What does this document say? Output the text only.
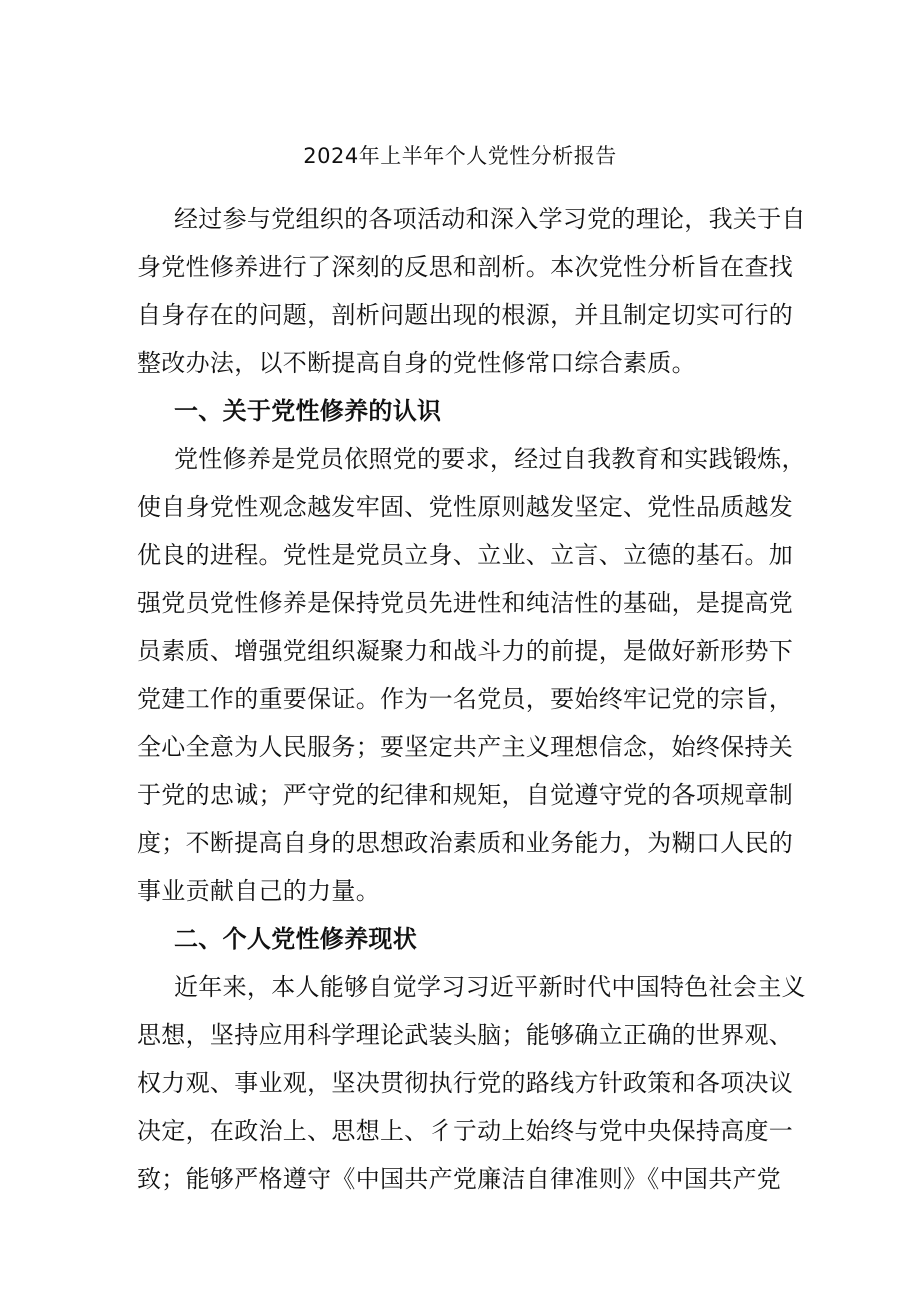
2024年上半年个人党性分析报告
经过参与党组织的各项活动和深入学习党的理论，我关于自
身党性修养进行了深刻的反思和剖析。本次党性分析旨在查找
自身存在的问题，剖析问题出现的根源，并且制定切实可行的
整改办法，以不断提高自身的党性修常口综合素质。
一、关于党性修养的认识
党性修养是党员依照党的要求，经过自我教育和实践锻炼，
使自身党性观念越发牢固、党性原则越发坚定、党性品质越发
优良的进程。党性是党员立身、立业、立言、立德的基石。加
强党员党性修养是保持党员先进性和纯洁性的基础，是提高党
员素质、增强党组织凝聚力和战斗力的前提，是做好新形势下
党建工作的重要保证。作为一名党员，要始终牢记党的宗旨，
全心全意为人民服务；要坚定共产主义理想信念，始终保持关
于党的忠诚；严守党的纪律和规矩，自觉遵守党的各项规章制
度；不断提高自身的思想政治素质和业务能力，为糊口人民的
事业贡献自己的力量。
二、个人党性修养现状
近年来，本人能够自觉学习习近平新时代中国特色社会主义
思想，坚持应用科学理论武装头脑；能够确立正确的世界观、
权力观、事业观，坚决贯彻执行党的路线方针政策和各项决议
决定，在政治上、思想上、彳亍动上始终与党中央保持高度一
致；能够严格遵守《中国共产党廉洁自律准则》《中国共产党
